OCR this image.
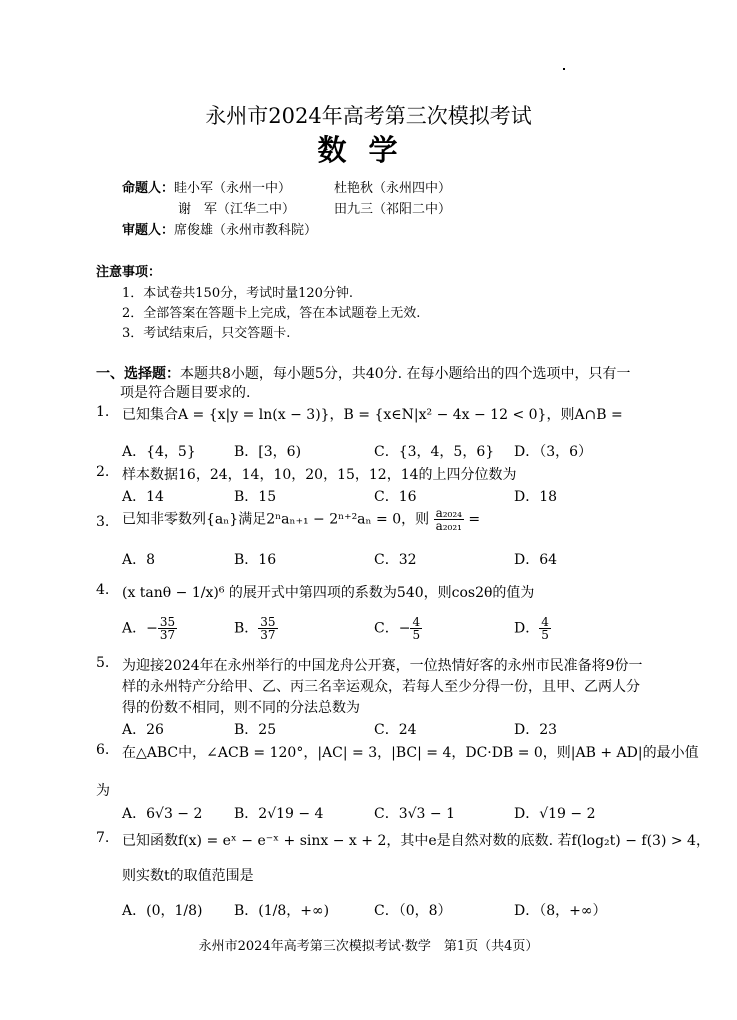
永州市2024年高考第三次模拟考试
数学
命题人：眭小军（永州一中）	杜艳秋（永州四中）
谢　军（江华二中）	田九三（祁阳二中）
审题人：席俊雄（永州市教科院）
注意事项：
1．本试卷共150分，考试时量120分钟.
2．全部答案在答题卡上完成，答在本试题卷上无效.
3．考试结束后，只交答题卡.
一、选择题：本题共8小题，每小题5分，共40分. 在每小题给出的四个选项中，只有一
项是符合题目要求的.
1. 已知集合A = {x|y = ln(x − 3)}，B = {x∈N|x² − 4x − 12 < 0}，则A∩B =
A．{4，5}	B．[3，6)	C．{3，4，5，6} D．（3，6）
2. 样本数据16，24，14，10，20，15，12，14的上四分位数为
A．14	B．15	C．16	D．18
3. 已知非零数列{aₙ}满足2ⁿaₙ₊₁ − 2ⁿ⁺²aₙ = 0，则 $\frac{\text{a₂₀₂₄}}{\text{a₂₀₂₁}}$ =
A．8	B．16	C．32	D．64
4. (x tanθ − 1/x)⁶ 的展开式中第四项的系数为540，则cos2θ的值为
A．− $\frac{35}{37}$	B． $\frac{35}{37}$	C．− $\frac{4}{5}$	D． $\frac{4}{5}$
5. 为迎接2024年在永州举行的中国龙舟公开赛，一位热情好客的永州市民准备将9份一
样的永州特产分给甲、乙、丙三名幸运观众，若每人至少分得一份，且甲、乙两人分
得的份数不相同，则不同的分法总数为
A．26	B．25	C．24	D．23
6. 在△ABC中，∠ACB = 120°，|AC| = 3，|BC| = 4，DC·DB = 0，则|AB + AD|的最小值
为
A．6√3 − 2 B．2√19 − 4	C．3√3 − 1	D．√19 − 2
7. 已知函数f(x) = eˣ − e⁻ˣ + sinx − x + 2，其中e是自然对数的底数. 若f(log₂t) − f(3) > 4，
则实数t的取值范围是
A．(0，1/8) B．(1/8，+∞)	C．（0，8）	D．（8，+∞）
永州市2024年高考第三次模拟考试·数学　第1页（共4页）
